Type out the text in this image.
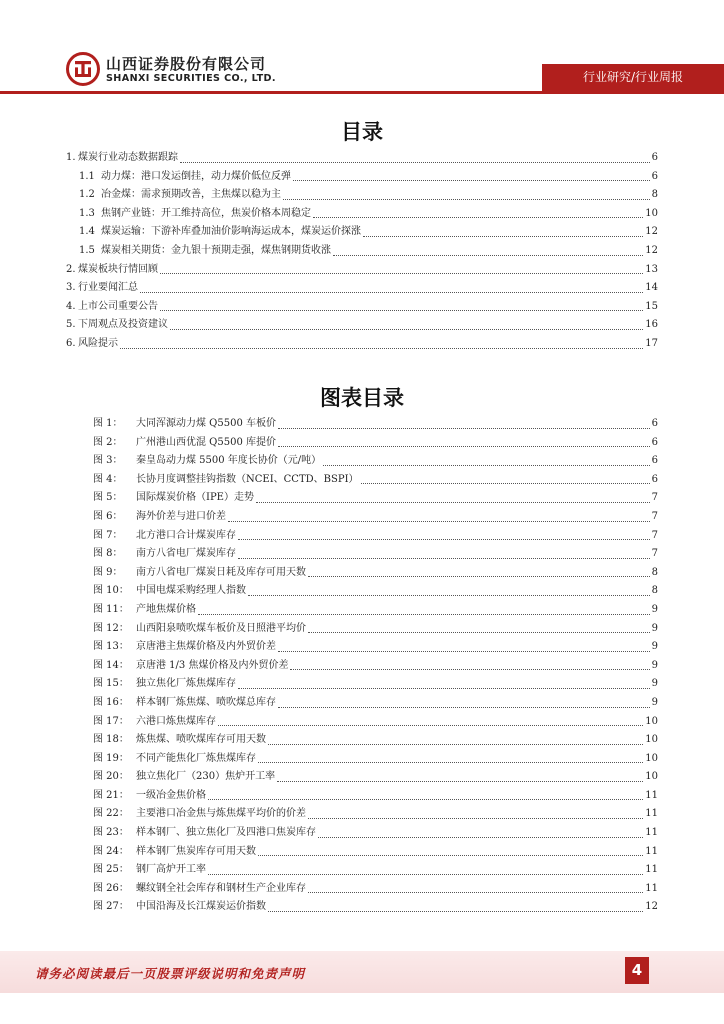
山西证券股份有限公司
SHANXI SECURITIES CO., LTD.	行业研究/行业周报
目录
1. 煤炭行业动态数据跟踪	6
1.1 动力煤：港口发运倒挂，动力煤价低位反弹	6
1.2 冶金煤：需求预期改善，主焦煤以稳为主	8
1.3 焦钢产业链：开工维持高位，焦炭价格本周稳定	10
1.4 煤炭运输：下游补库叠加油价影响海运成本，煤炭运价探涨	12
1.5 煤炭相关期货：金九银十预期走强，煤焦钢期货收涨	12
2. 煤炭板块行情回顾	13
3. 行业要闻汇总	14
4. 上市公司重要公告	15
5. 下周观点及投资建议	16
6. 风险提示	17
图表目录
图 1：	大同浑源动力煤 Q5500 车板价	6
图 2：	广州港山西优混 Q5500 库提价	6
图 3：	秦皇岛动力煤 5500 年度长协价（元/吨）	6
图 4：	长协月度调整挂钩指数（NCEI、CCTD、BSPI）	6
图 5：	国际煤炭价格（IPE）走势	7
图 6：	海外价差与进口价差	7
图 7：	北方港口合计煤炭库存	7
图 8：	南方八省电厂煤炭库存	7
图 9：	南方八省电厂煤炭日耗及库存可用天数	8
图 10： 中国电煤采购经理人指数	8
图 11： 产地焦煤价格	9
图 12： 山西阳泉喷吹煤车板价及日照港平均价	9
图 13： 京唐港主焦煤价格及内外贸价差	9
图 14： 京唐港 1/3 焦煤价格及内外贸价差	9
图 15： 独立焦化厂炼焦煤库存	9
图 16： 样本钢厂炼焦煤、喷吹煤总库存	9
图 17： 六港口炼焦煤库存	10
图 18： 炼焦煤、喷吹煤库存可用天数	10
图 19： 不同产能焦化厂炼焦煤库存	10
图 20： 独立焦化厂（230）焦炉开工率	10
图 21： 一级冶金焦价格	11
图 22： 主要港口冶金焦与炼焦煤平均价的价差	11
图 23： 样本钢厂、独立焦化厂及四港口焦炭库存	11
图 24： 样本钢厂焦炭库存可用天数	11
图 25： 钢厂高炉开工率	11
图 26： 螺纹钢全社会库存和钢材生产企业库存	11
图 27： 中国沿海及长江煤炭运价指数	12
请务必阅读最后一页股票评级说明和免责声明	4
